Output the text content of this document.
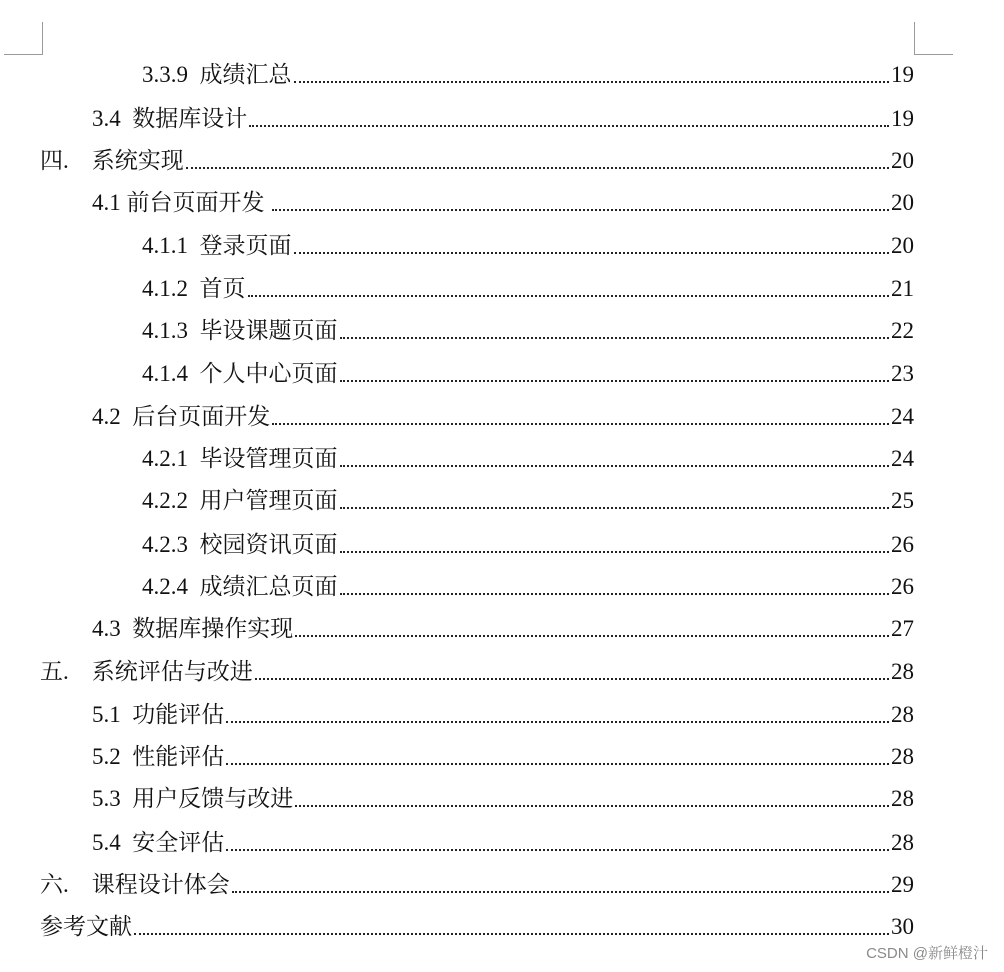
3.3.9  成绩汇总	19
3.4  数据库设计	19
四.    系统实现	20
4.1 前台页面开发	20
4.1.1  登录页面	20
4.1.2  首页	21
4.1.3  毕设课题页面	22
4.1.4  个人中心页面	23
4.2  后台页面开发	24
4.2.1  毕设管理页面	24
4.2.2  用户管理页面	25
4.2.3  校园资讯页面	26
4.2.4  成绩汇总页面	26
4.3  数据库操作实现	27
五.    系统评估与改进	28
5.1  功能评估	28
5.2  性能评估	28
5.3  用户反馈与改进	28
5.4  安全评估	28
六.    课程设计体会	29
参考文献	30
CSDN @新鲜橙汁
